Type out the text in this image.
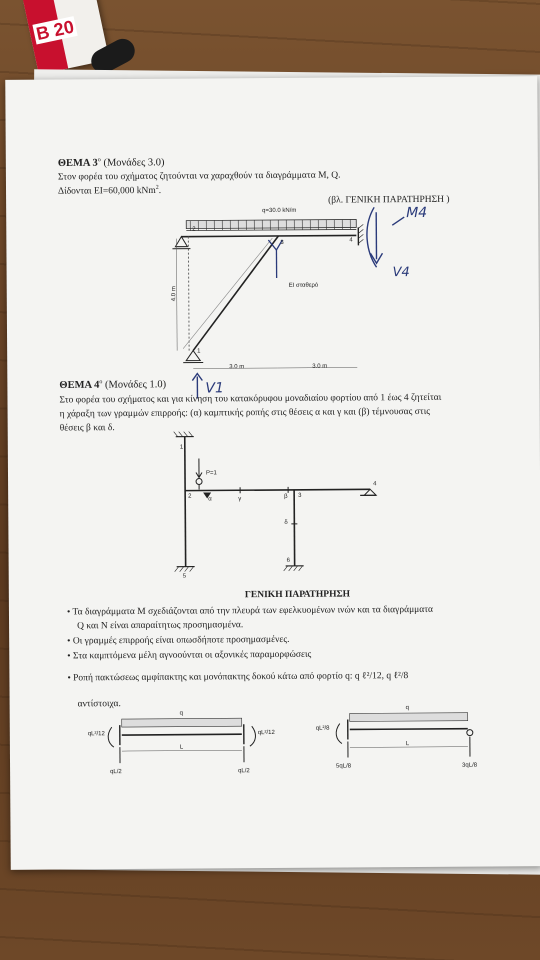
B 20
ΘΕΜΑ $3^o$ (Μονάδες 3.0)
Στον φορέα του σχήματος ζητούνται να χαραχθούν τα διαγράμματα M, Q.
Δίδονται EI=60,000 kNm$^2$.
(βλ. ΓΕΝΙΚΗ ΠΑΡΑΤΗΡΗΣΗ )
q=30.0 kN/m
4.0 m
3.0 m	3.0 m
EI σταθερό
2
3	4
1
M4
V4
V1
ΘΕΜΑ $4^o$ (Μονάδες 1.0)
Στο φορέα του σχήματος και για κίνηση του κατακόρυφου μοναδιαίου φορτίου από 1 έως 4 ζητείται
η χάραξη των γραμμών επιρροής: (α) καμπτικής ροπής στις θέσεις α και γ και (β) τέμνουσας στις
θέσεις β και δ.
1
2	3
4
5
6
P=1
α	γ	β
δ
ΓΕΝΙΚΗ ΠΑΡΑΤΗΡΗΣΗ
• Τα διαγράμματα M σχεδιάζονται από την πλευρά των εφελκυομένων ινών και τα διαγράμματα
Q και N είναι απαραίτητως προσημασμένα.
• Οι γραμμές επιρροής είναι οπωσδήποτε προσημασμένες.
• Στα καμπτόμενα μέλη αγνοούνται οι αξονικές παραμορφώσεις
• Ροπή πακτώσεως αμφίπακτης και μονόπακτης δοκού κάτω από φορτίο q: q ℓ²/12, q ℓ²/8
αντίστοιχα.
q
qL²/12	qL²/12
L
qL/2	qL/2
q
qL²/8
L
5qL/8	3qL/8
